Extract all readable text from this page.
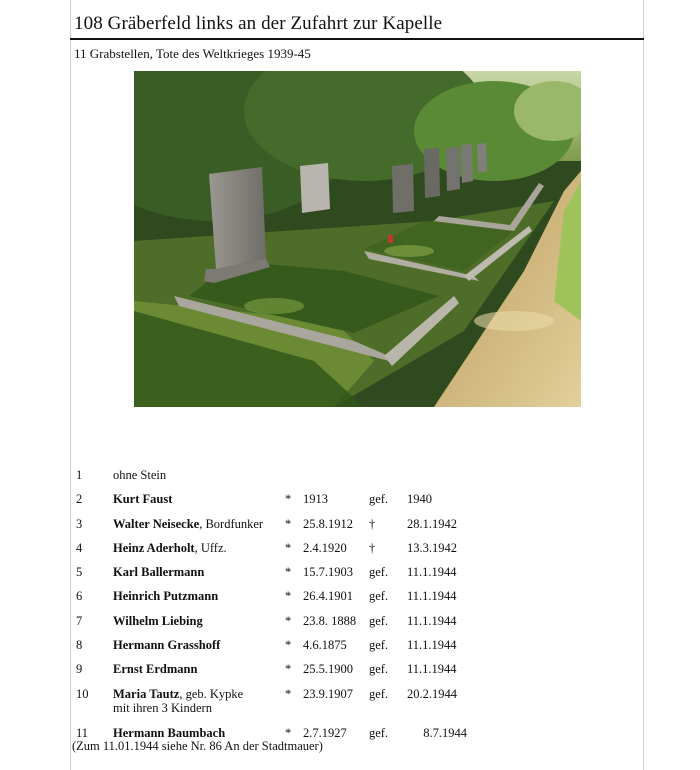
108 Gräberfeld links an der Zufahrt zur Kapelle
11 Grabstellen, Tote des Weltkrieges 1939-45
1	ohne Stein				
2	Kurt Faust	*	1913	gef.	1940
3	Walter Neisecke, Bordfunker	*	25.8.1912	†	28.1.1942
4	Heinz Aderholt, Uffz.	*	2.4.1920	†	13.3.1942
5	Karl Ballermann	*	15.7.1903	gef.	11.1.1944
6	Heinrich Putzmann	*	26.4.1901	gef.	11.1.1944
7	Wilhelm Liebing	*	23.8. 1888	gef.	11.1.1944
8	Hermann Grasshoff	*	4.6.1875	gef.	11.1.1944
9	Ernst Erdmann	*	25.5.1900	gef.	11.1.1944
10	Maria Tautz, geb. Kypke
mit ihren 3 Kindern	*	23.9.1907	gef.	20.2.1944
11	Hermann Baumbach	*	2.7.1927	gef.	8.7.1944
(Zum 11.01.1944 siehe Nr. 86 An der Stadtmauer)
